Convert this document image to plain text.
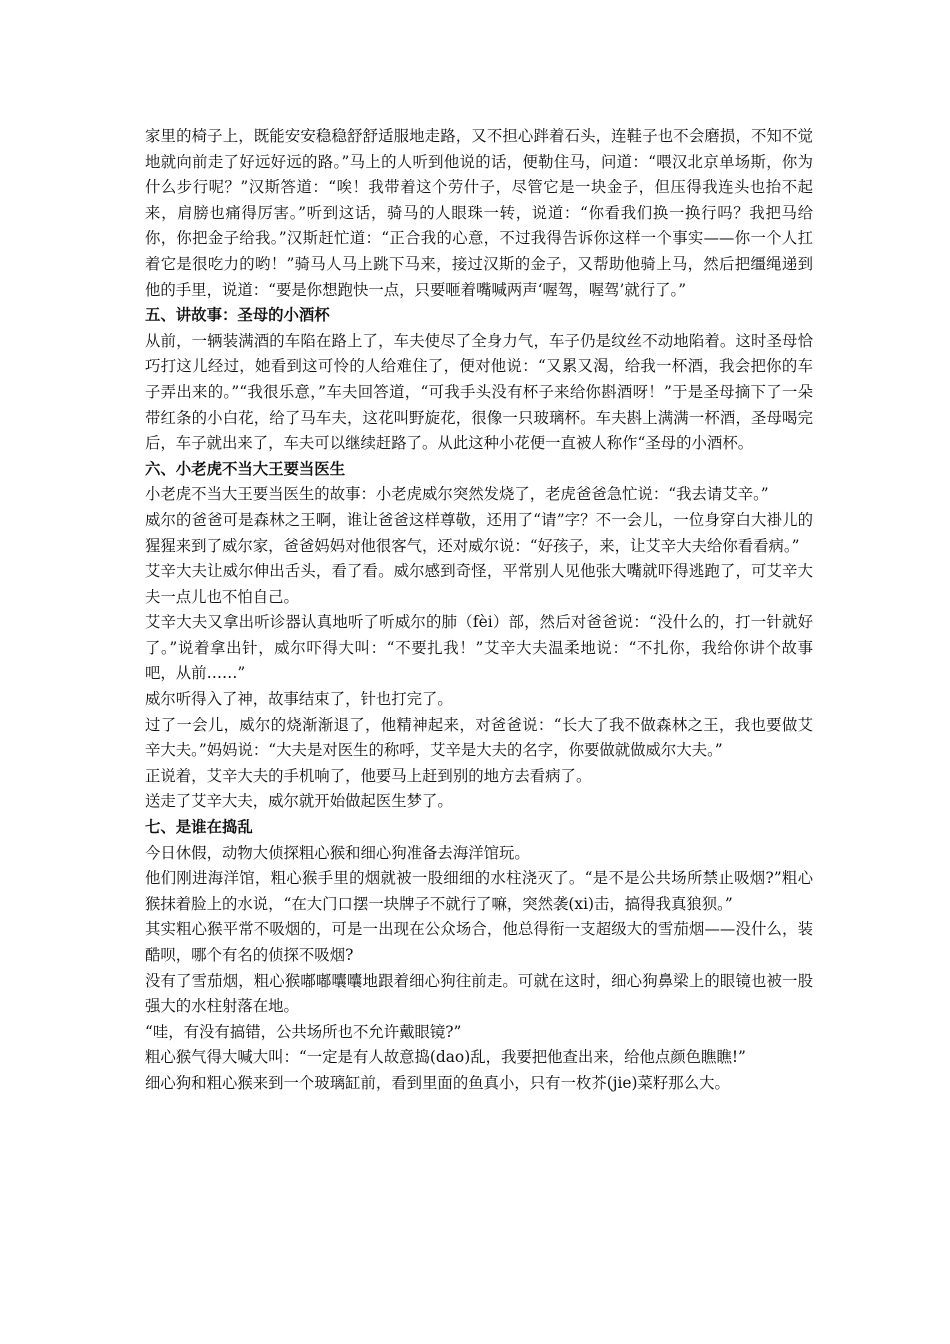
家里的椅子上，既能安安稳稳舒舒适服地走路，又不担心跘着石头，连鞋子也不会磨损，不知不觉地就向前走了好远好远的路。”马上的人听到他说的话，便勒住马，问道：“喂汉北京单场斯，你为什么步行呢？”汉斯答道：“唉！我带着这个劳什子，尽管它是一块金子，但压得我连头也抬不起来，肩膀也痛得厉害。”听到这话，骑马的人眼珠一转，说道：“你看我们换一换行吗？我把马给你，你把金子给我。”汉斯赶忙道：“正合我的心意，不过我得告诉你这样一个事实——你一个人扛着它是很吃力的哟！”骑马人马上跳下马来，接过汉斯的金子，又帮助他骑上马，然后把缰绳递到他的手里，说道：“要是你想跑快一点，只要咂着嘴喊两声‘喔驾，喔驾’就行了。”

五、讲故事：圣母的小酒杯

从前，一辆装满酒的车陷在路上了，车夫使尽了全身力气，车子仍是纹丝不动地陷着。这时圣母恰巧打这儿经过，她看到这可怜的人给难住了，便对他说：“又累又渴，给我一杯酒，我会把你的车子弄出来的。”“我很乐意，”车夫回答道，“可我手头没有杯子来给你斟酒呀！”于是圣母摘下了一朵带红条的小白花，给了马车夫，这花叫野旋花，很像一只玻璃杯。车夫斟上满满一杯酒，圣母喝完后，车子就出来了，车夫可以继续赶路了。从此这种小花便一直被人称作“圣母的小酒杯。

六、小老虎不当大王要当医生

小老虎不当大王要当医生的故事：小老虎威尔突然发烧了，老虎爸爸急忙说：“我去请艾辛。”

威尔的爸爸可是森林之王啊，谁让爸爸这样尊敬，还用了“请”字？不一会儿，一位身穿白大褂儿的猩猩来到了威尔家，爸爸妈妈对他很客气，还对威尔说：“好孩子，来，让艾辛大夫给你看看病。”

艾辛大夫让威尔伸出舌头，看了看。威尔感到奇怪，平常别人见他张大嘴就吓得逃跑了，可艾辛大夫一点儿也不怕自己。

艾辛大夫又拿出听诊器认真地听了听威尔的肺（fèi）部，然后对爸爸说：“没什么的，打一针就好了。”说着拿出针，威尔吓得大叫：“不要扎我！”艾辛大夫温柔地说：“不扎你，我给你讲个故事吧，从前……”

威尔听得入了神，故事结束了，针也打完了。

过了一会儿，威尔的烧渐渐退了，他精神起来，对爸爸说：“长大了我不做森林之王，我也要做艾辛大夫。”妈妈说：“大夫是对医生的称呼，艾辛是大夫的名字，你要做就做威尔大夫。”

正说着，艾辛大夫的手机响了，他要马上赶到别的地方去看病了。

送走了艾辛大夫，威尔就开始做起医生梦了。

七、是谁在捣乱

今日休假，动物大侦探粗心猴和细心狗准备去海洋馆玩。

他们刚进海洋馆，粗心猴手里的烟就被一股细细的水柱浇灭了。“是不是公共场所禁止吸烟?”粗心猴抹着脸上的水说，“在大门口摆一块牌子不就行了嘛，突然袭(xi)击，搞得我真狼狈。”

其实粗心猴平常不吸烟的，可是一出现在公众场合，他总得衔一支超级大的雪茄烟——没什么，装酷呗，哪个有名的侦探不吸烟?

没有了雪茄烟，粗心猴嘟嘟囔囔地跟着细心狗往前走。可就在这时，细心狗鼻梁上的眼镜也被一股强大的水柱射落在地。

“哇，有没有搞错，公共场所也不允许戴眼镜?”

粗心猴气得大喊大叫：“一定是有人故意捣(dao)乱，我要把他查出来，给他点颜色瞧瞧!”

细心狗和粗心猴来到一个玻璃缸前，看到里面的鱼真小，只有一枚芥(jie)菜籽那么大。
